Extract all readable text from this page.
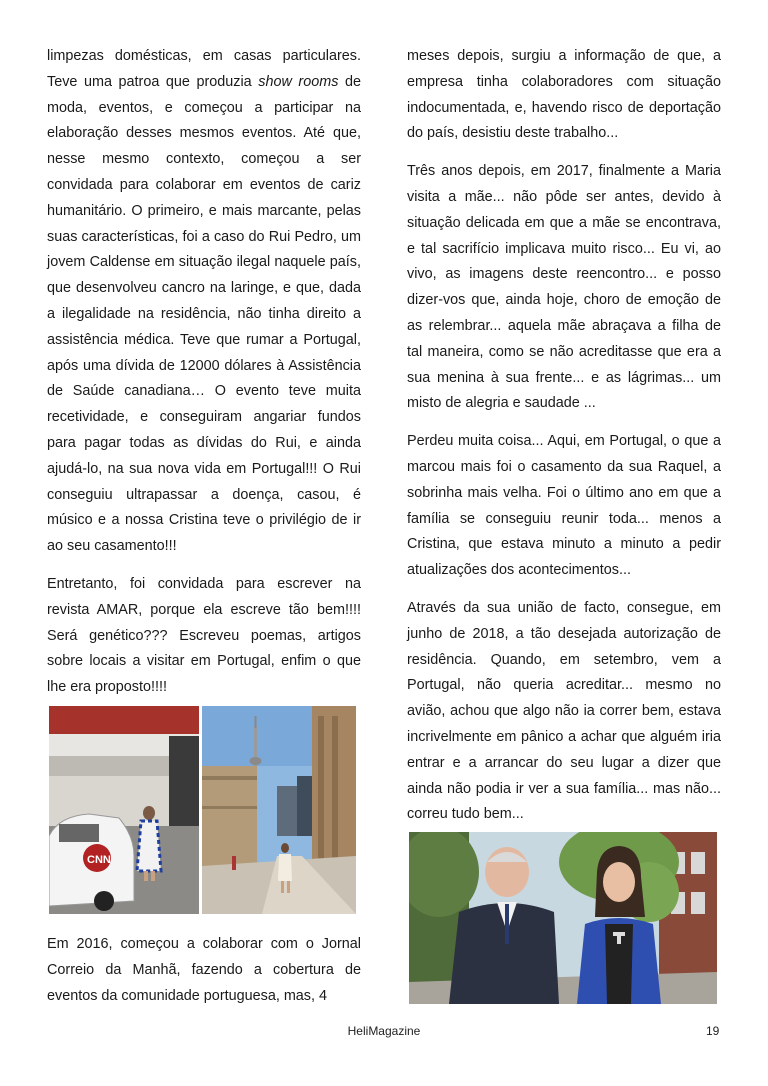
limpezas domésticas, em casas particulares. Teve uma patroa que produzia show rooms de moda, eventos, e começou a participar na elaboração desses mesmos eventos. Até que, nesse mesmo contexto, começou a ser convidada para colaborar em eventos de cariz humanitário. O primeiro, e mais marcante, pelas suas características, foi a caso do Rui Pedro, um jovem Caldense em situação ilegal naquele país, que desenvolveu cancro na laringe, e que, dada a ilegalidade na residência, não tinha direito a assistência médica. Teve que rumar a Portugal, após uma dívida de 12000 dólares à Assistência de Saúde canadiana… O evento teve muita recetividade, e conseguiram angariar fundos para pagar todas as dívidas do Rui, e ainda ajudá-lo, na sua nova vida em Portugal!!! O Rui conseguiu ultrapassar a doença, casou, é músico e a nossa Cristina teve o privilégio de ir ao seu casamento!!!

Entretanto, foi convidada para escrever na revista AMAR, porque ela escreve tão bem!!!! Será genético??? Escreveu poemas, artigos sobre locais a visitar em Portugal, enfim o que lhe era proposto!!!!

CNN

Em 2016, começou a colaborar com o Jornal Correio da Manhã, fazendo a cobertura de eventos da comunidade portuguesa, mas, 4

meses depois, surgiu a informação de que, a empresa tinha colaboradores com situação indocumentada, e, havendo risco de deportação do país, desistiu deste trabalho...

Três anos depois, em 2017, finalmente a Maria visita a mãe... não pôde ser antes, devido à situação delicada em que a mãe se encontrava, e tal sacrifício implicava muito risco... Eu vi, ao vivo, as imagens deste reencontro... e posso dizer-vos que, ainda hoje, choro de emoção de as relembrar... aquela mãe abraçava a filha de tal maneira, como se não acreditasse que era a sua menina à sua frente... e as lágrimas... um misto de alegria e saudade ...

Perdeu muita coisa... Aqui, em Portugal, o que a marcou mais foi o casamento da sua Raquel, a sobrinha mais velha. Foi o último ano em que a família se conseguiu reunir toda... menos a Cristina, que estava minuto a minuto a pedir atualizações dos acontecimentos...

Através da sua união de facto, consegue, em junho de 2018, a tão desejada autorização de residência. Quando, em setembro, vem a Portugal, não queria acreditar... mesmo no avião, achou que algo não ia correr bem, estava incrivelmente em pânico a achar que alguém iria entrar e a arrancar do seu lugar a dizer que ainda não podia ir ver a sua família... mas não... correu tudo bem...

HeliMagazine	19
